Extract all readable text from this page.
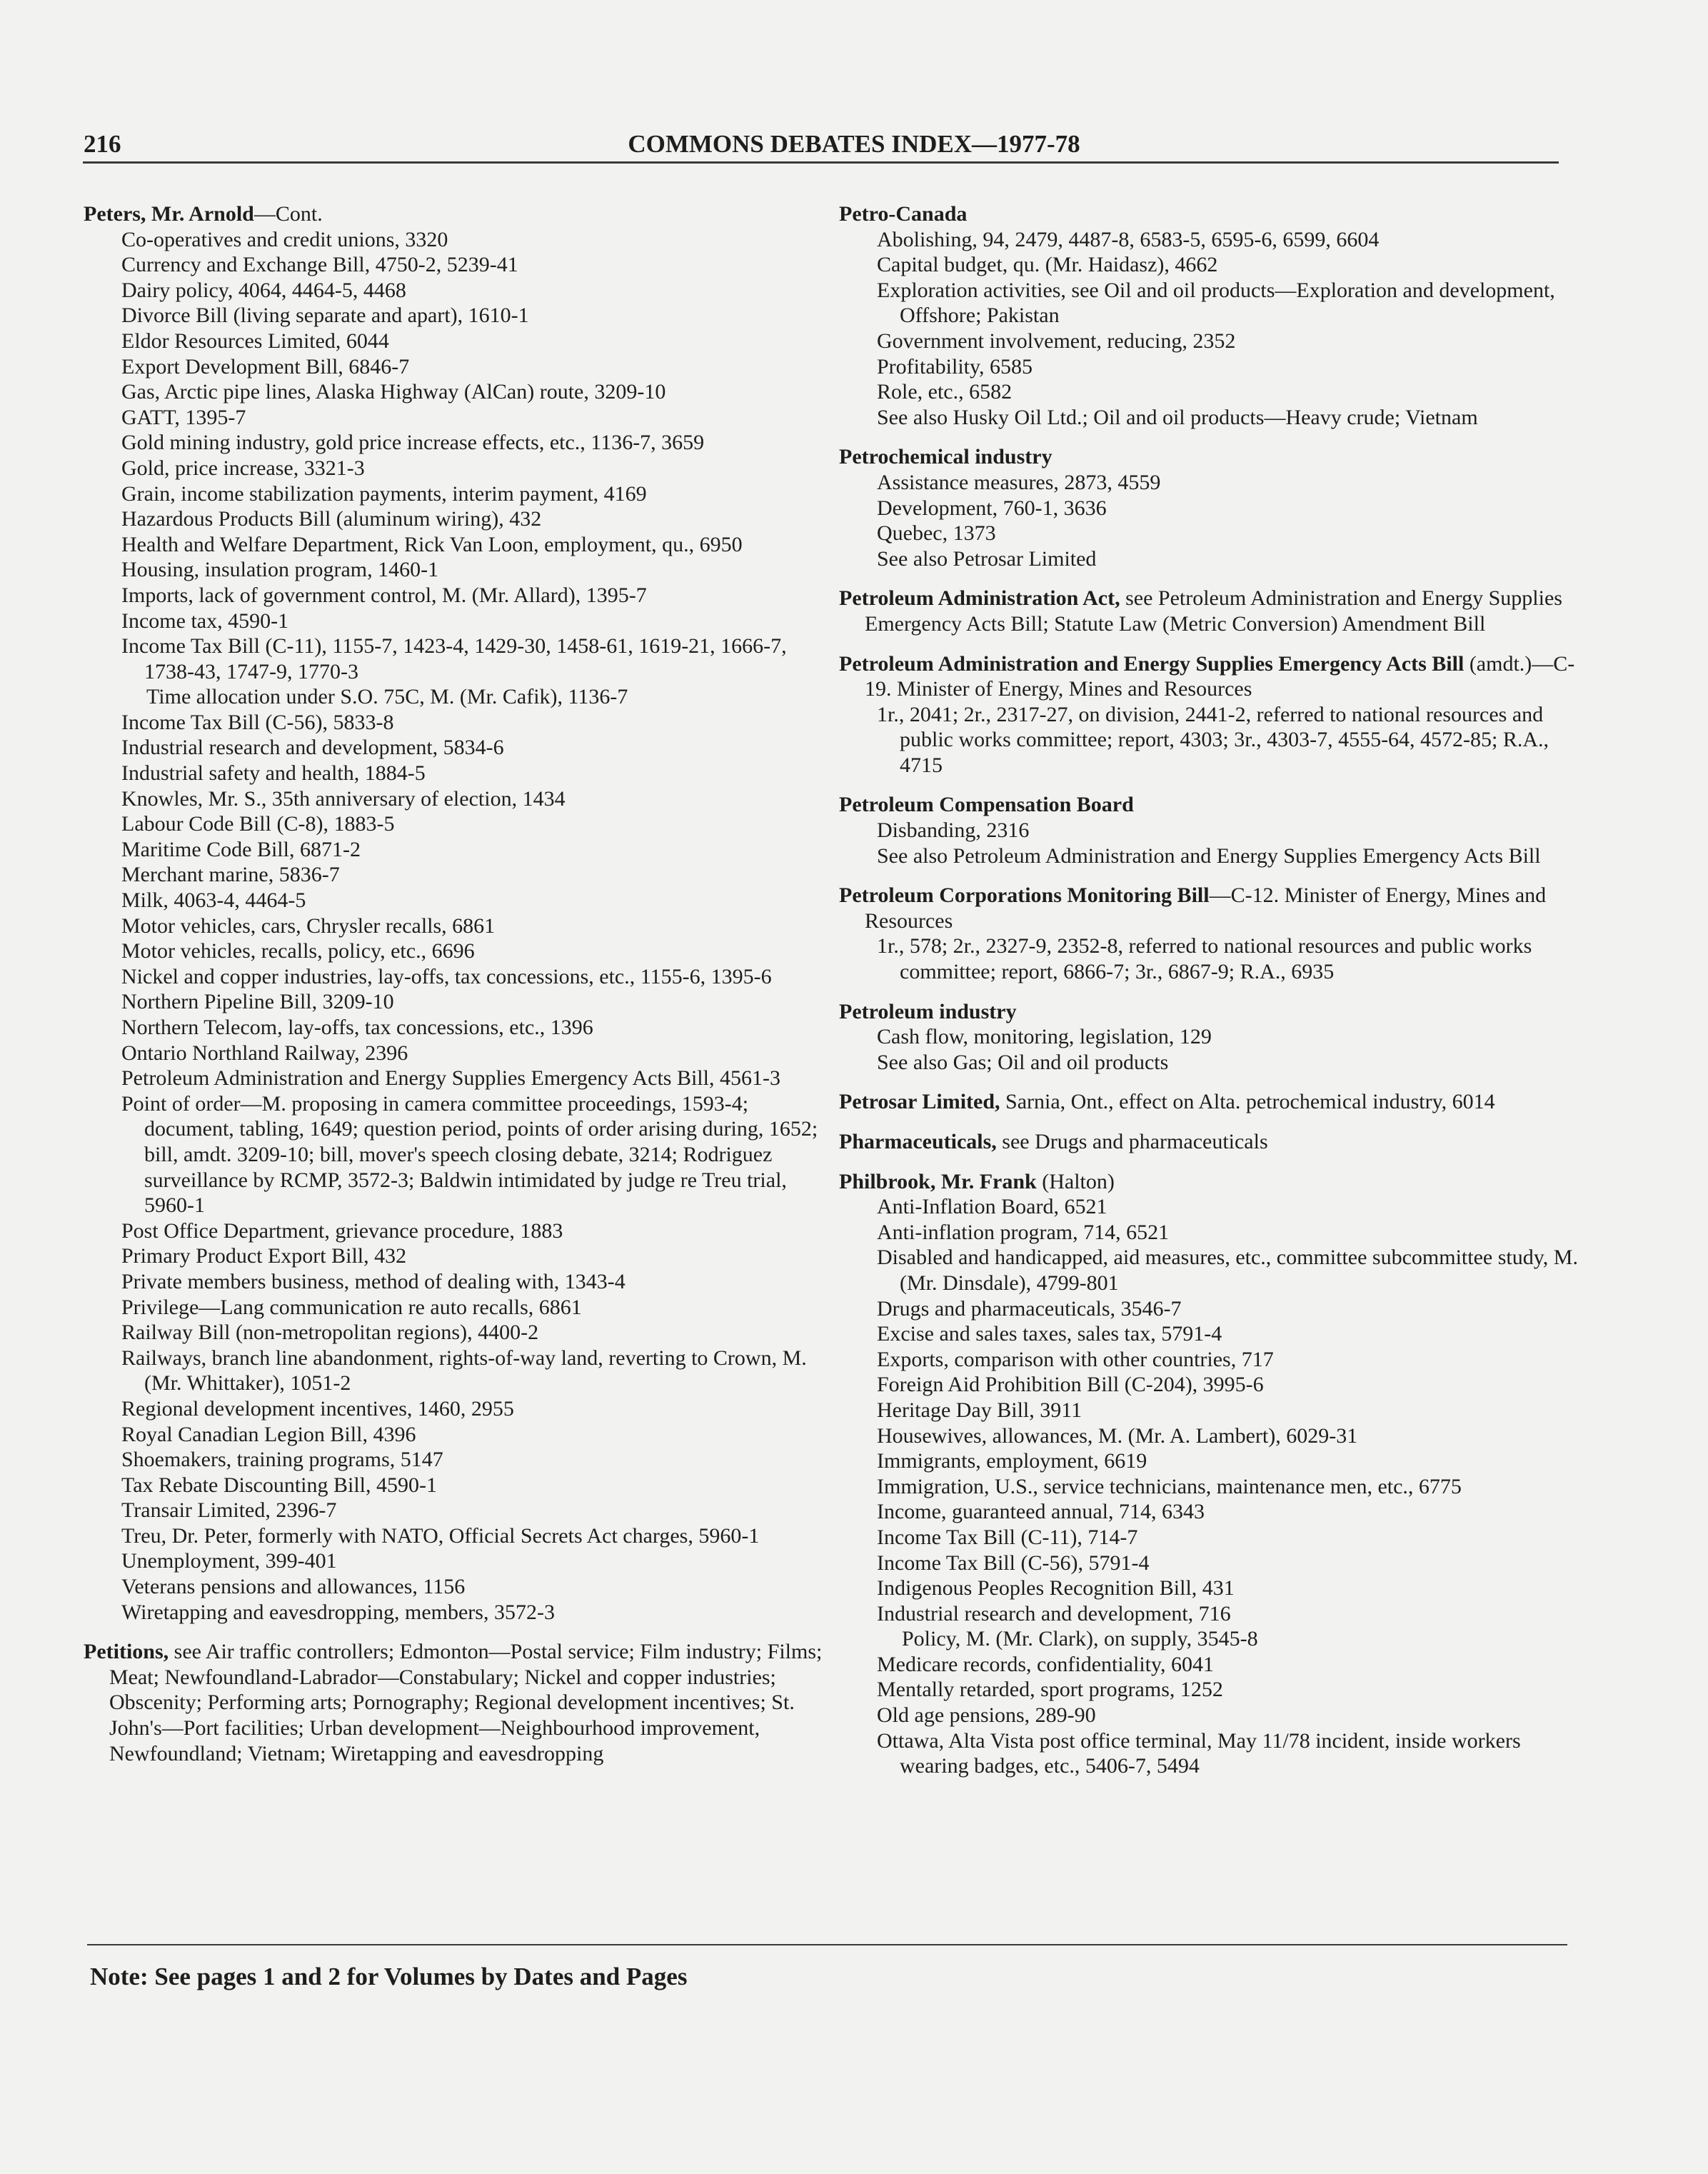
216	COMMONS DEBATES INDEX—1977-78
Peters, Mr. Arnold—Cont.
Co-operatives and credit unions, 3320
Currency and Exchange Bill, 4750-2, 5239-41
Dairy policy, 4064, 4464-5, 4468
Divorce Bill (living separate and apart), 1610-1
Eldor Resources Limited, 6044
Export Development Bill, 6846-7
Gas, Arctic pipe lines, Alaska Highway (AlCan) route, 3209-10
GATT, 1395-7
Gold mining industry, gold price increase effects, etc., 1136-7, 3659
Gold, price increase, 3321-3
Grain, income stabilization payments, interim payment, 4169
Hazardous Products Bill (aluminum wiring), 432
Health and Welfare Department, Rick Van Loon, employment, qu., 6950
Housing, insulation program, 1460-1
Imports, lack of government control, M. (Mr. Allard), 1395-7
Income tax, 4590-1
Income Tax Bill (C-11), 1155-7, 1423-4, 1429-30, 1458-61, 1619-21, 1666-7, 1738-43, 1747-9, 1770-3
Time allocation under S.O. 75C, M. (Mr. Cafik), 1136-7
Income Tax Bill (C-56), 5833-8
Industrial research and development, 5834-6
Industrial safety and health, 1884-5
Knowles, Mr. S., 35th anniversary of election, 1434
Labour Code Bill (C-8), 1883-5
Maritime Code Bill, 6871-2
Merchant marine, 5836-7
Milk, 4063-4, 4464-5
Motor vehicles, cars, Chrysler recalls, 6861
Motor vehicles, recalls, policy, etc., 6696
Nickel and copper industries, lay-offs, tax concessions, etc., 1155-6, 1395-6
Northern Pipeline Bill, 3209-10
Northern Telecom, lay-offs, tax concessions, etc., 1396
Ontario Northland Railway, 2396
Petroleum Administration and Energy Supplies Emergency Acts Bill, 4561-3
Point of order—M. proposing in camera committee proceedings, 1593-4; document, tabling, 1649; question period, points of order arising during, 1652; bill, amdt. 3209-10; bill, mover's speech closing debate, 3214; Rodriguez surveillance by RCMP, 3572-3; Baldwin intimidated by judge re Treu trial, 5960-1
Post Office Department, grievance procedure, 1883
Primary Product Export Bill, 432
Private members business, method of dealing with, 1343-4
Privilege—Lang communication re auto recalls, 6861
Railway Bill (non-metropolitan regions), 4400-2
Railways, branch line abandonment, rights-of-way land, reverting to Crown, M. (Mr. Whittaker), 1051-2
Regional development incentives, 1460, 2955
Royal Canadian Legion Bill, 4396
Shoemakers, training programs, 5147
Tax Rebate Discounting Bill, 4590-1
Transair Limited, 2396-7
Treu, Dr. Peter, formerly with NATO, Official Secrets Act charges, 5960-1
Unemployment, 399-401
Veterans pensions and allowances, 1156
Wiretapping and eavesdropping, members, 3572-3
Petitions, see Air traffic controllers; Edmonton—Postal service; Film industry; Films; Meat; Newfoundland-Labrador—Constabulary; Nickel and copper industries; Obscenity; Performing arts; Pornography; Regional development incentives; St. John's—Port facilities; Urban development—Neighbourhood improvement, Newfoundland; Vietnam; Wiretapping and eavesdropping
Petro-Canada
Abolishing, 94, 2479, 4487-8, 6583-5, 6595-6, 6599, 6604
Capital budget, qu. (Mr. Haidasz), 4662
Exploration activities, see Oil and oil products—Exploration and development, Offshore; Pakistan
Government involvement, reducing, 2352
Profitability, 6585
Role, etc., 6582
See also Husky Oil Ltd.; Oil and oil products—Heavy crude; Vietnam
Petrochemical industry
Assistance measures, 2873, 4559
Development, 760-1, 3636
Quebec, 1373
See also Petrosar Limited
Petroleum Administration Act, see Petroleum Administration and Energy Supplies Emergency Acts Bill; Statute Law (Metric Conversion) Amendment Bill
Petroleum Administration and Energy Supplies Emergency Acts Bill (amdt.)—C-19. Minister of Energy, Mines and Resources
1r., 2041; 2r., 2317-27, on division, 2441-2, referred to national resources and public works committee; report, 4303; 3r., 4303-7, 4555-64, 4572-85; R.A., 4715
Petroleum Compensation Board
Disbanding, 2316
See also Petroleum Administration and Energy Supplies Emergency Acts Bill
Petroleum Corporations Monitoring Bill—C-12. Minister of Energy, Mines and Resources
1r., 578; 2r., 2327-9, 2352-8, referred to national resources and public works committee; report, 6866-7; 3r., 6867-9; R.A., 6935
Petroleum industry
Cash flow, monitoring, legislation, 129
See also Gas; Oil and oil products
Petrosar Limited, Sarnia, Ont., effect on Alta. petrochemical industry, 6014
Pharmaceuticals, see Drugs and pharmaceuticals
Philbrook, Mr. Frank (Halton)
Anti-Inflation Board, 6521
Anti-inflation program, 714, 6521
Disabled and handicapped, aid measures, etc., committee subcommittee study, M. (Mr. Dinsdale), 4799-801
Drugs and pharmaceuticals, 3546-7
Excise and sales taxes, sales tax, 5791-4
Exports, comparison with other countries, 717
Foreign Aid Prohibition Bill (C-204), 3995-6
Heritage Day Bill, 3911
Housewives, allowances, M. (Mr. A. Lambert), 6029-31
Immigrants, employment, 6619
Immigration, U.S., service technicians, maintenance men, etc., 6775
Income, guaranteed annual, 714, 6343
Income Tax Bill (C-11), 714-7
Income Tax Bill (C-56), 5791-4
Indigenous Peoples Recognition Bill, 431
Industrial research and development, 716
Policy, M. (Mr. Clark), on supply, 3545-8
Medicare records, confidentiality, 6041
Mentally retarded, sport programs, 1252
Old age pensions, 289-90
Ottawa, Alta Vista post office terminal, May 11/78 incident, inside workers wearing badges, etc., 5406-7, 5494
Note: See pages 1 and 2 for Volumes by Dates and Pages
